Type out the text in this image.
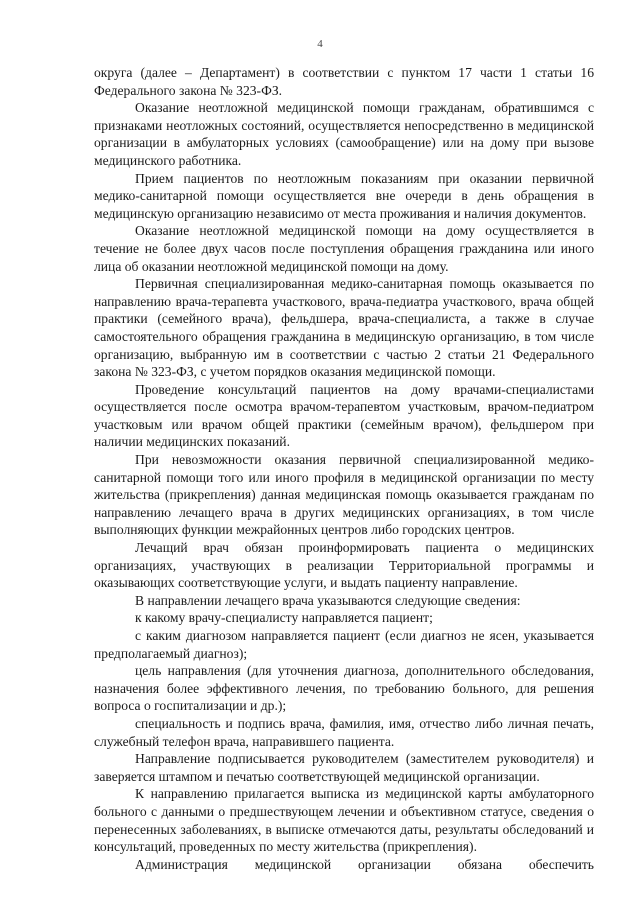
4

округа (далее – Департамент) в соответствии с пунктом 17 части 1 статьи 16 Федерального закона № 323-ФЗ.

Оказание неотложной медицинской помощи гражданам, обратившимся с признаками неотложных состояний, осуществляется непосредственно в медицинской организации в амбулаторных условиях (самообращение) или на дому при вызове медицинского работника.

Прием пациентов по неотложным показаниям при оказании первичной медико-санитарной помощи осуществляется вне очереди в день обращения в медицинскую организацию независимо от места проживания и наличия документов.

Оказание неотложной медицинской помощи на дому осуществляется в течение не более двух часов после поступления обращения гражданина или иного лица об оказании неотложной медицинской помощи на дому.

Первичная специализированная медико-санитарная помощь оказывается по направлению врача-терапевта участкового, врача-педиатра участкового, врача общей практики (семейного врача), фельдшера, врача-специалиста, а также в случае самостоятельного обращения гражданина в медицинскую организацию, в том числе организацию, выбранную им в соответствии с частью 2 статьи 21 Федерального закона № 323-ФЗ, с учетом порядков оказания медицинской помощи.

Проведение консультаций пациентов на дому врачами-специалистами осуществляется после осмотра врачом-терапевтом участковым, врачом-педиатром участковым или врачом общей практики (семейным врачом), фельдшером при наличии медицинских показаний.

При невозможности оказания первичной специализированной медико-санитарной помощи того или иного профиля в медицинской организации по месту жительства (прикрепления) данная медицинская помощь оказывается гражданам по направлению лечащего врача в других медицинских организациях, в том числе выполняющих функции межрайонных центров либо городских центров.

Лечащий врач обязан проинформировать пациента о медицинских организациях, участвующих в реализации Территориальной программы и оказывающих соответствующие услуги, и выдать пациенту направление.

В направлении лечащего врача указываются следующие сведения:

к какому врачу-специалисту направляется пациент;

с каким диагнозом направляется пациент (если диагноз не ясен, указывается предполагаемый диагноз);

цель направления (для уточнения диагноза, дополнительного обследования, назначения более эффективного лечения, по требованию больного, для решения вопроса о госпитализации и др.);

специальность и подпись врача, фамилия, имя, отчество либо личная печать, служебный телефон врача, направившего пациента.

Направление подписывается руководителем (заместителем руководителя) и заверяется штампом и печатью соответствующей медицинской организации.

К направлению прилагается выписка из медицинской карты амбулаторного больного с данными о предшествующем лечении и объективном статусе, сведения о перенесенных заболеваниях, в выписке отмечаются даты, результаты обследований и консультаций, проведенных по месту жительства (прикрепления).

Администрация медицинской организации обязана обеспечить
